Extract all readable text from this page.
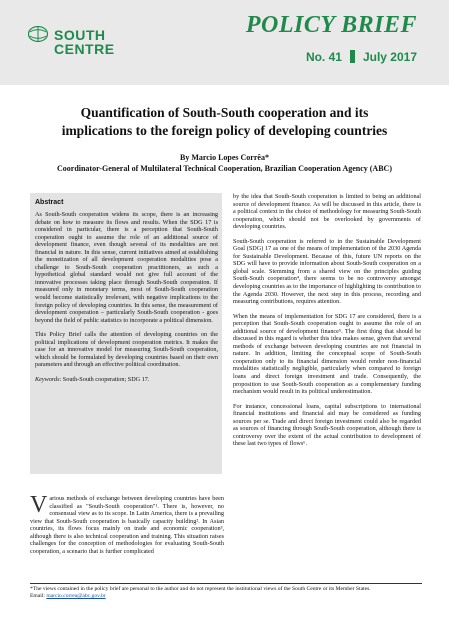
SOUTH
CENTRE
POLICY BRIEF
No. 41 July 2017
Quantification of South-South cooperation and its
implications to the foreign policy of developing countries
By Marcio Lopes Corrêa*
Coordinator-General of Multilateral Technical Cooperation, Brazilian Cooperation Agency (ABC)
Abstract

As South-South cooperation widens its scope, there is an increasing debate on how to measure its flows and results. When the SDG 17 is considered in particular, there is a perception that South-South cooperation ought to assume the role of an additional source of development finance, even though several of its modalities are not financial in nature. In this sense, current initiatives aimed at establishing the monetization of all development cooperation modalities pose a challenge to South-South cooperation practitioners, as such a hypothetical global standard would not give full account of the innovative processes taking place through South-South cooperation. If measured only in monetary terms, most of South-South cooperation would become statistically irrelevant, with negative implications to the foreign policy of developing countries. In this sense, the measurement of development cooperation – particularly South-South cooperation - goes beyond the field of public statistics to incorporate a political dimension.

This Policy Brief calls the attention of developing countries on the political implications of development cooperation metrics. It makes the case for an innovative model for measuring South-South cooperation, which should be formulated by developing countries based on their own parameters and through an effective political coordination.

Keywords: South-South cooperation; SDG 17.

Various methods of exchange between developing countries have been classified as "South-South cooperation"¹. There is, however, no consensual view as to its scope. In Latin America, there is a prevailing view that South-South cooperation is basically capacity building². In Asian countries, its flows focus mainly on trade and economic cooperation³, although there is also technical cooperation and training. This situation raises challenges for the conception of methodologies for evaluating South-South cooperation, a scenario that is further complicated

by the idea that South-South cooperation is limited to being an additional source of development finance. As will be discussed in this article, there is a political context in the choice of methodology for measuring South-South cooperation, which should not be overlooked by governments of developing countries.

South-South cooperation is referred to in the Sustainable Development Goal (SDG) 17 as one of the means of implementation of the 2030 Agenda for Sustainable Development. Because of this, future UN reports on the SDG will have to provide information about South-South cooperation on a global scale. Stemming from a shared view on the principles guiding South-South cooperation⁴, there seems to be no controversy amongst developing countries as to the importance of highlighting its contribution to the Agenda 2030. However, the next step in this process, recording and measuring contributions, requires attention.

When the means of implementation for SDG 17 are considered, there is a perception that South-South cooperation ought to assume the role of an additional source of development finance⁵. The first thing that should be discussed in this regard is whether this idea makes sense, given that several methods of exchange between developing countries are not financial in nature. In addition, limiting the conceptual scope of South-South cooperation only to its financial dimension would render non-financial modalities statistically negligible, particularly when compared to foreign loans and direct foreign investment and trade. Consequently, the proposition to use South-South cooperation as a complementary funding mechanism would result in its political underestimation.

For instance, concessional loans, capital subscriptions to international financial institutions and financial aid may be considered as funding sources per se. Trade and direct foreign investment could also be regarded as sources of financing through South-South cooperation, although there is controversy over the extent of the actual contribution to development of these last two types of flows⁶.

*The views contained in the policy brief are personal to the author and do not represent the institutional views of the South Centre or its Member States.
Email: marcio.correa@abc.gov.br
